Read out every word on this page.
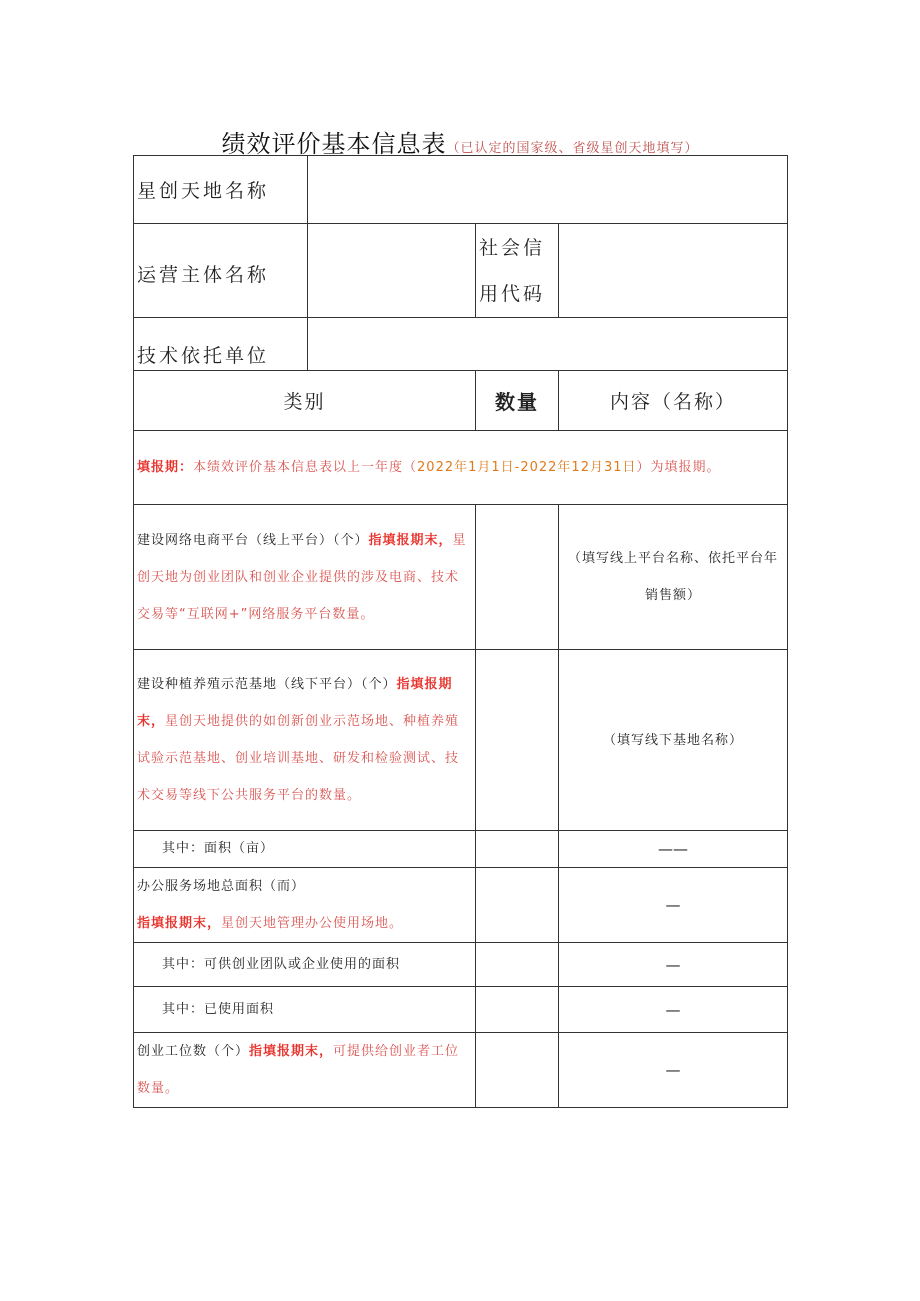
绩效评价基本信息表（已认定的国家级、省级星创天地填写）
星创天地名称			
运营主体名称		社会信
用代码	

技术依托单位			
类别		数量	内容（名称）
填报期：本绩效评价基本信息表以上一年度（2022年1月1日-2022年12月31日）为填报期。			
建设网络电商平台（线上平台）（个）指填报期末，星创天地为创业团队和创业企业提供的涉及电商、技术交易等“互联网+”网络服务平台数量。			（填写线上平台名称、依托平台年销售额）
建设种植养殖示范基地（线下平台）（个）指填报期末，星创天地提供的如创新创业示范场地、种植养殖试验示范基地、创业培训基地、研发和检验测试、技术交易等线下公共服务平台的数量。			（填写线下基地名称）
其中：面积（亩）			——
办公服务场地总面积（而）
指填报期末，星创天地管理办公使用场地。			—
其中：可供创业团队或企业使用的面积			—
其中：已使用面积			—
创业工位数（个）指填报期末，可提供给创业者工位数量。			—
